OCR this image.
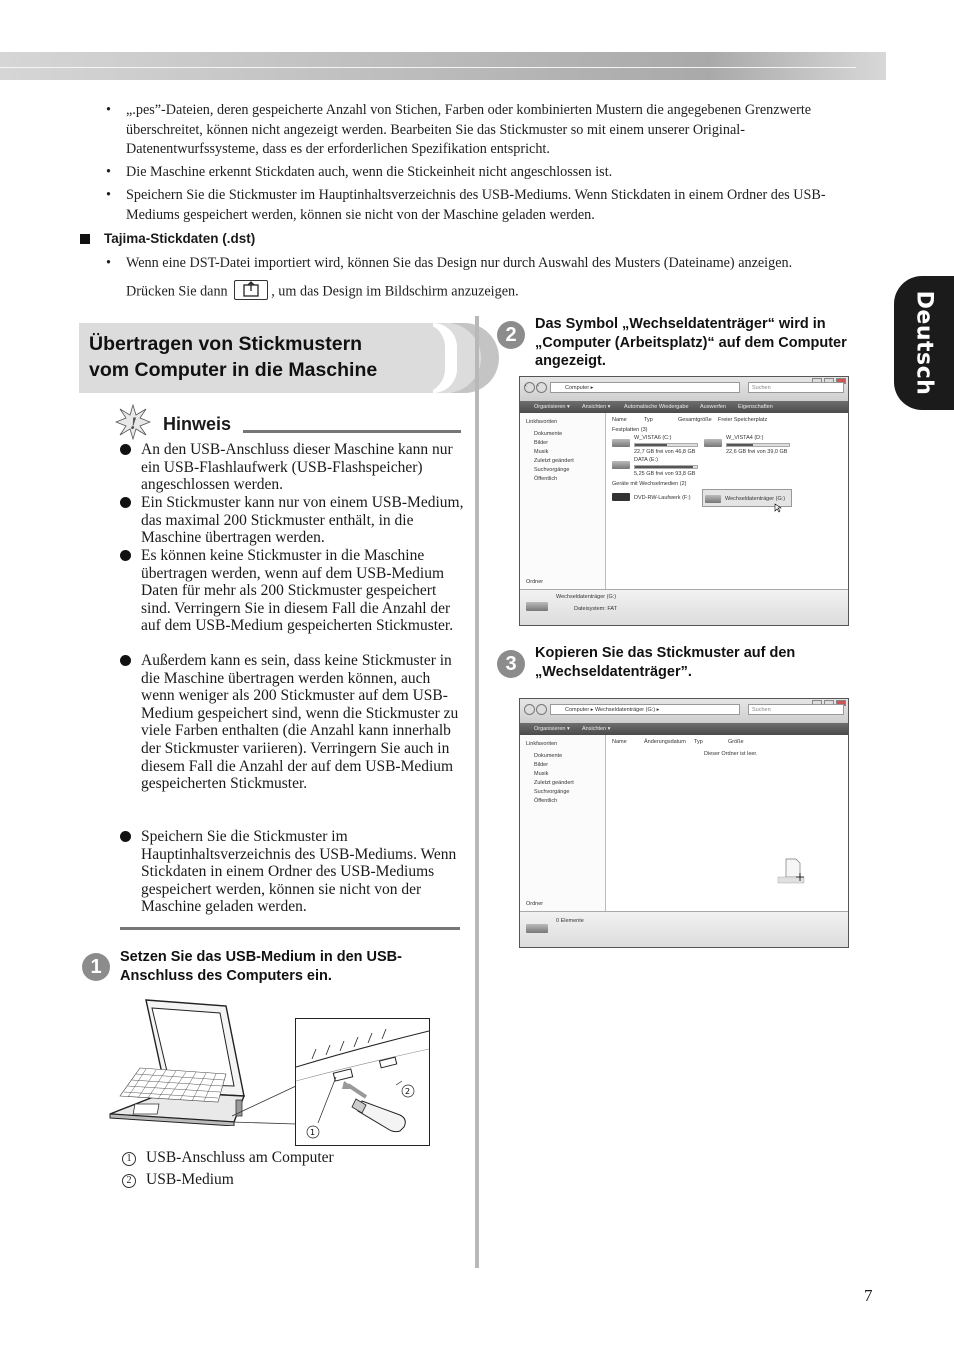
Deutsch
• „.pes”-Dateien, deren gespeicherte Anzahl von Stichen, Farben oder kombinierten Mustern die angegebenen Grenzwerte überschreitet, können nicht angezeigt werden. Bearbeiten Sie das Stickmuster so mit einem unserer Original-Datenentwurfssysteme, dass es der erforderlichen Spezifikation entspricht.
• Die Maschine erkennt Stickdaten auch, wenn die Stickeinheit nicht angeschlossen ist.
• Speichern Sie die Stickmuster im Hauptinhaltsverzeichnis des USB-Mediums. Wenn Stickdaten in einem Ordner des USB-Mediums gespeichert werden, können sie nicht von der Maschine geladen werden.
Tajima-Stickdaten (.dst)
• Wenn eine DST-Datei importiert wird, können Sie das Design nur durch Auswahl des Musters (Dateiname) anzeigen.
Drücken Sie dann	, um das Design im Bildschirm anzuzeigen.
Übertragen von Stickmustern
vom Computer in die Maschine
! Hinweis
An den USB-Anschluss dieser Maschine kann nur ein USB-Flashlaufwerk (USB-Flashspeicher) angeschlossen werden.
Ein Stickmuster kann nur von einem USB-Medium, das maximal 200 Stickmuster enthält, in die Maschine übertragen werden.
Es können keine Stickmuster in die Maschine übertragen werden, wenn auf dem USB-Medium Daten für mehr als 200 Stickmuster gespeichert sind. Verringern Sie in diesem Fall die Anzahl der auf dem USB-Medium gespeicherten Stickmuster.
Außerdem kann es sein, dass keine Stickmuster in die Maschine übertragen werden können, auch wenn weniger als 200 Stickmuster auf dem USB-Medium gespeichert sind, wenn die Stickmuster zu viele Farben enthalten (die Anzahl kann innerhalb der Stickmuster variieren). Verringern Sie auch in diesem Fall die Anzahl der auf dem USB-Medium gespeicherten Stickmuster.
Speichern Sie die Stickmuster im Hauptinhaltsverzeichnis des USB-Mediums. Wenn Stickdaten in einem Ordner des USB-Mediums gespeichert werden, können sie nicht von der Maschine geladen werden.
1	Setzen Sie das USB-Medium in den USB-Anschluss des Computers ein.
1
2
1 USB-Anschluss am Computer
2 USB-Medium
2	Das Symbol „Wechseldatenträger“ wird in „Computer (Arbeitsplatz)“ auf dem Computer angezeigt.
‹	›	Computer ▸	Suchen
Organisieren ▾ Ansichten ▾ Automatische Wiedergabe Auswerfen Eigenschaften
Linkfavoriten
Dokumente
Bilder
Musik
Zuletzt geändert
Suchvorgänge
Öffentlich
Ordner
Name	Typ	Gesamtgröße Freier Speicherplatz
Festplatten (3)
W_VISTA6 (C:)
22,7 GB frei von 46,8 GB
W_VISTA4 (D:)
22,6 GB frei von 39,0 GB
DATA (E:)
5,25 GB frei von 93,8 GB
Geräte mit Wechselmedien (2)
DVD-RW-Laufwerk (F:)	Wechseldatenträger (G:)
Wechseldatenträger (G:)
Dateisystem: FAT
3	Kopieren Sie das Stickmuster auf den „Wechseldatenträger”.
Computer ▸ Wechseldatenträger (G:) ▸	Suchen
Organisieren ▾ Ansichten ▾
Linkfavoriten
Dokumente
Bilder
Musik
Zuletzt geändert
Suchvorgänge
Öffentlich
Ordner
Name	Änderungsdatum Typ	Größe
Dieser Ordner ist leer.
0 Elemente
7
